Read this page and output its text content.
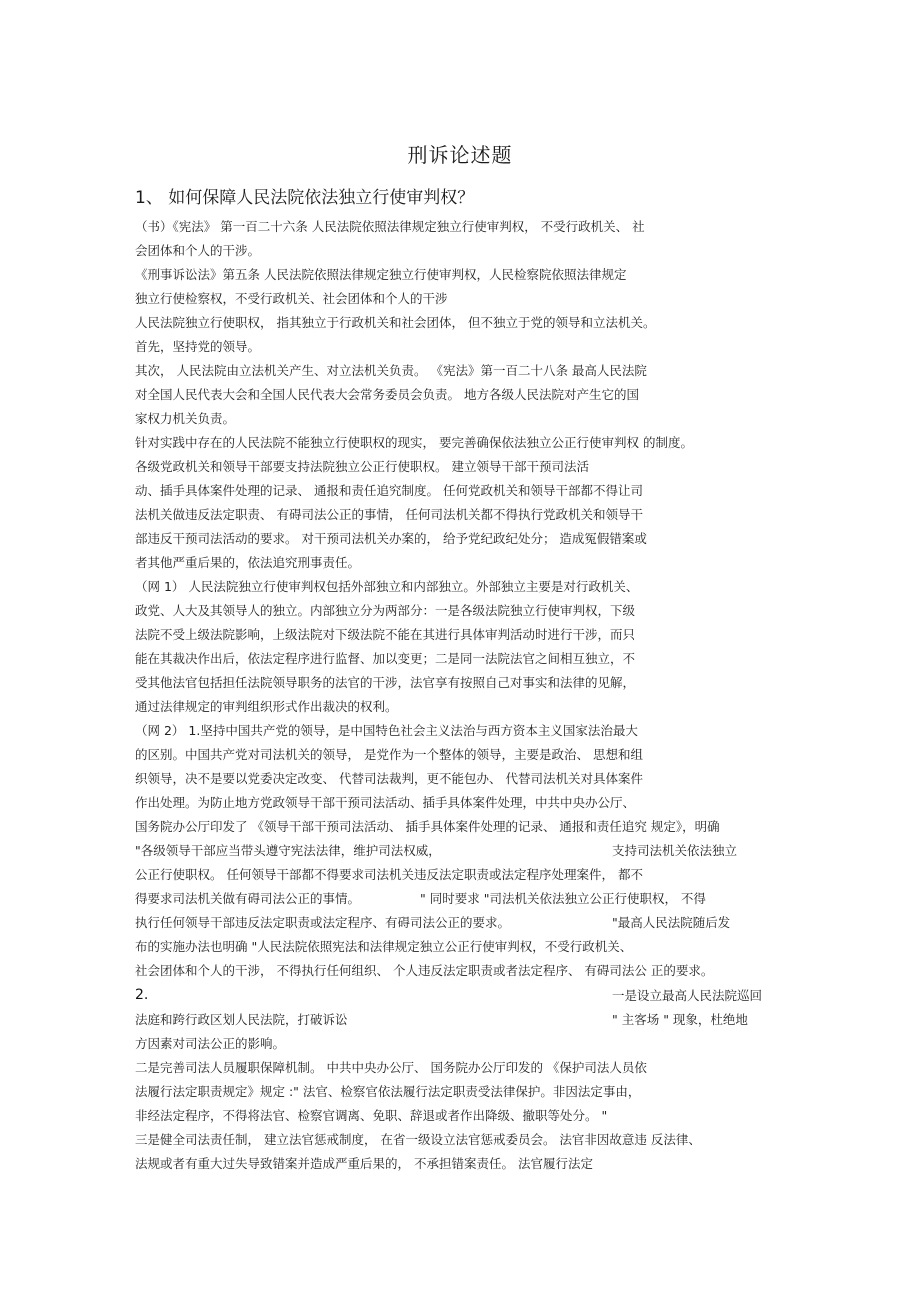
刑诉论述题
1、 如何保障人民法院依法独立行使审判权？
（书）《宪法》 第一百二十六条 人民法院依照法律规定独立行使审判权， 不受行政机关、 社
会团体和个人的干涉。
《刑事诉讼法》第五条 人民法院依照法律规定独立行使审判权，人民检察院依照法律规定
独立行使检察权，不受行政机关、社会团体和个人的干涉
人民法院独立行使职权， 指其独立于行政机关和社会团体， 但不独立于党的领导和立法机关。
首先，坚持党的领导。
其次， 人民法院由立法机关产生、对立法机关负责。 《宪法》第一百二十八条 最高人民法院
对全国人民代表大会和全国人民代表大会常务委员会负责。 地方各级人民法院对产生它的国
家权力机关负责。
针对实践中存在的人民法院不能独立行使职权的现实， 要完善确保依法独立公正行使审判权 的制度。
各级党政机关和领导干部要支持法院独立公正行使职权。 建立领导干部干预司法活
动、插手具体案件处理的记录、 通报和责任追究制度。 任何党政机关和领导干部都不得让司
法机关做违反法定职责、 有碍司法公正的事情， 任何司法机关都不得执行党政机关和领导干
部违反干预司法活动的要求。 对干预司法机关办案的， 给予党纪政纪处分； 造成冤假错案或
者其他严重后果的，依法追究刑事责任。
（网 1） 人民法院独立行使审判权包括外部独立和内部独立。外部独立主要是对行政机关、
政党、人大及其领导人的独立。内部独立分为两部分：一是各级法院独立行使审判权，下级
法院不受上级法院影响，上级法院对下级法院不能在其进行具体审判活动时进行干涉，而只
能在其裁决作出后，依法定程序进行监督、加以变更；二是同一法院法官之间相互独立，不
受其他法官包括担任法院领导职务的法官的干涉，法官享有按照自己对事实和法律的见解，
通过法律规定的审判组织形式作出裁决的权利。
（网 2） 1.坚持中国共产党的领导，是中国特色社会主义法治与西方资本主义国家法治最大
的区别。中国共产党对司法机关的领导， 是党作为一个整体的领导，主要是政治、 思想和组
织领导，决不是要以党委决定改变、 代替司法裁判，更不能包办、 代替司法机关对具体案件
作出处理。为防止地方党政领导干部干预司法活动、插手具体案件处理，中共中央办公厅、
国务院办公厅印发了 《领导干部干预司法活动、 插手具体案件处理的记录、 通报和责任追究 规定》，明确
"各级领导干部应当带头遵守宪法法律，维护司法权威，	支持司法机关依法独立
公正行使职权。 任何领导干部都不得要求司法机关违反法定职责或法定程序处理案件， 都不
得要求司法机关做有碍司法公正的事情。	" 同时要求 "司法机关依法独立公正行使职权， 不得
执行任何领导干部违反法定职责或法定程序、有碍司法公正的要求。	"最高人民法院随后发
布的实施办法也明确 "人民法院依照宪法和法律规定独立公正行使审判权，不受行政机关、
社会团体和个人的干涉， 不得执行任何组织、 个人违反法定职责或者法定程序、 有碍司法公 正的要求。
2.	一是设立最高人民法院巡回
法庭和跨行政区划人民法院，打破诉讼	" 主客场 " 现象，杜绝地
方因素对司法公正的影响。
二是完善司法人员履职保障机制。 中共中央办公厅、 国务院办公厅印发的 《保护司法人员依
法履行法定职责规定》规定 :" 法官、检察官依法履行法定职责受法律保护。非因法定事由，
非经法定程序，不得将法官、检察官调离、免职、辞退或者作出降级、撤职等处分。 "
三是健全司法责任制， 建立法官惩戒制度， 在省一级设立法官惩戒委员会。 法官非因故意违 反法律、
法规或者有重大过失导致错案并造成严重后果的， 不承担错案责任。 法官履行法定
